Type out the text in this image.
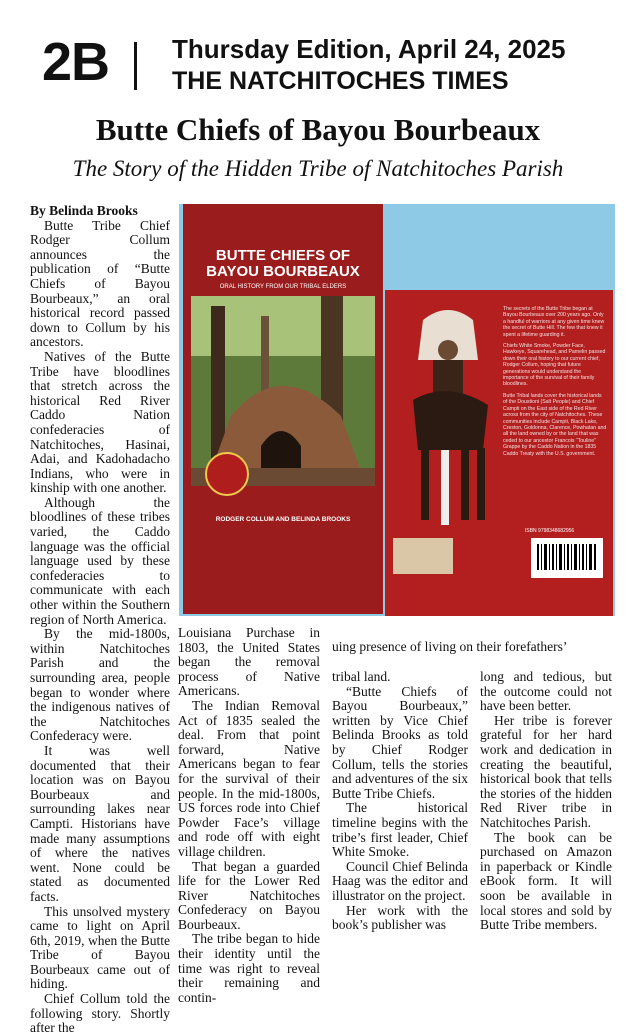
2B Thursday Edition, April 24, 2025
THE NATCHITOCHES TIMES
Butte Chiefs of Bayou Bourbeaux
The Story of the Hidden Tribe of Natchitoches Parish

By Belinda Brooks

Butte Tribe Chief Rodger Collum announces the publication of “Butte Chiefs of Bayou Bourbeaux,” an oral historical record passed down to Collum by his ancestors.

Natives of the Butte Tribe have bloodlines that stretch across the historical Red River Caddo Nation confederacies of Natchitoches, Hasinai, Adai, and Kadohadacho Indians, who were in kinship with one another.

Although the bloodlines of these tribes varied, the Caddo language was the official language used by these confederacies to communicate with each other within the Southern region of North America.

By the mid-1800s, within Natchitoches Parish and the surrounding area, people began to wonder where the indigenous natives of the Natchitoches Confederacy were.

It was well documented that their location was on Bayou Bourbeaux and surrounding lakes near Campti. Historians have made many assumptions of where the natives went. None could be stated as documented facts.

This unsolved mystery came to light on April 6th, 2019, when the Butte Tribe of Bayou Bourbeaux came out of hiding.

Chief Collum told the following story. Shortly after the

BUTTE CHIEFS OF
BAYOU BOURBEAUX
ORAL HISTORY FROM OUR TRIBAL ELDERS
RODGER COLLUM AND BELINDA BROOKS

The secrets of the Butte Tribe began at Bayou Bourbeaux over 200 years ago. Only a handful of warriors at any given time knew the secret of Butte Hill. The few that knew it spent a lifetime guarding it.

Chiefs White Smoke, Powder Face, Hawkeye, Squarehead, and Pamelin passed down their oral history to our current chief, Rodger Collum, hoping that future generations would understand the importance of the survival of their family bloodlines.

Butte Tribal lands cover the historical lands of the Doustioni (Salt People) and Chief Campti on the East side of the Red River across from the city of Natchitoches. These communities include Campti, Black Lake, Creston, Goldonna, Clarence, Powhatan and all the land owned by or the land that was ceded to our ancestor Francois “Touline” Grappe by the Caddo Nation in the 1835 Caddo Treaty with the U.S. government.

ISBN 9798348682956

Louisiana Purchase in 1803, the United States began the removal process of Native Americans.

The Indian Removal Act of 1835 sealed the deal. From that point forward, Native Americans began to fear for the survival of their people. In the mid-1800s, US forces rode into Chief Powder Face’s village and rode off with eight village children.

That began a guarded life for the Lower Red River Natchitoches Confederacy on Bayou Bourbeaux.

The tribe began to hide their identity until the time was right to reveal their remaining and contin-

uing presence of living on their forefathers’

tribal land.

“Butte Chiefs of Bayou Bourbeaux,” written by Vice Chief Belinda Brooks as told by Chief Rodger Collum, tells the stories and adventures of the six Butte Tribe Chiefs.

The historical timeline begins with the tribe’s first leader, Chief White Smoke.

Council Chief Belinda Haag was the editor and illustrator on the project.

Her work with the book’s publisher was

long and tedious, but the outcome could not have been better.

Her tribe is forever grateful for her hard work and dedication in creating the beautiful, historical book that tells the stories of the hidden Red River tribe in Natchitoches Parish.

The book can be purchased on Amazon in paperback or Kindle eBook form. It will soon be available in local stores and sold by Butte Tribe members.
